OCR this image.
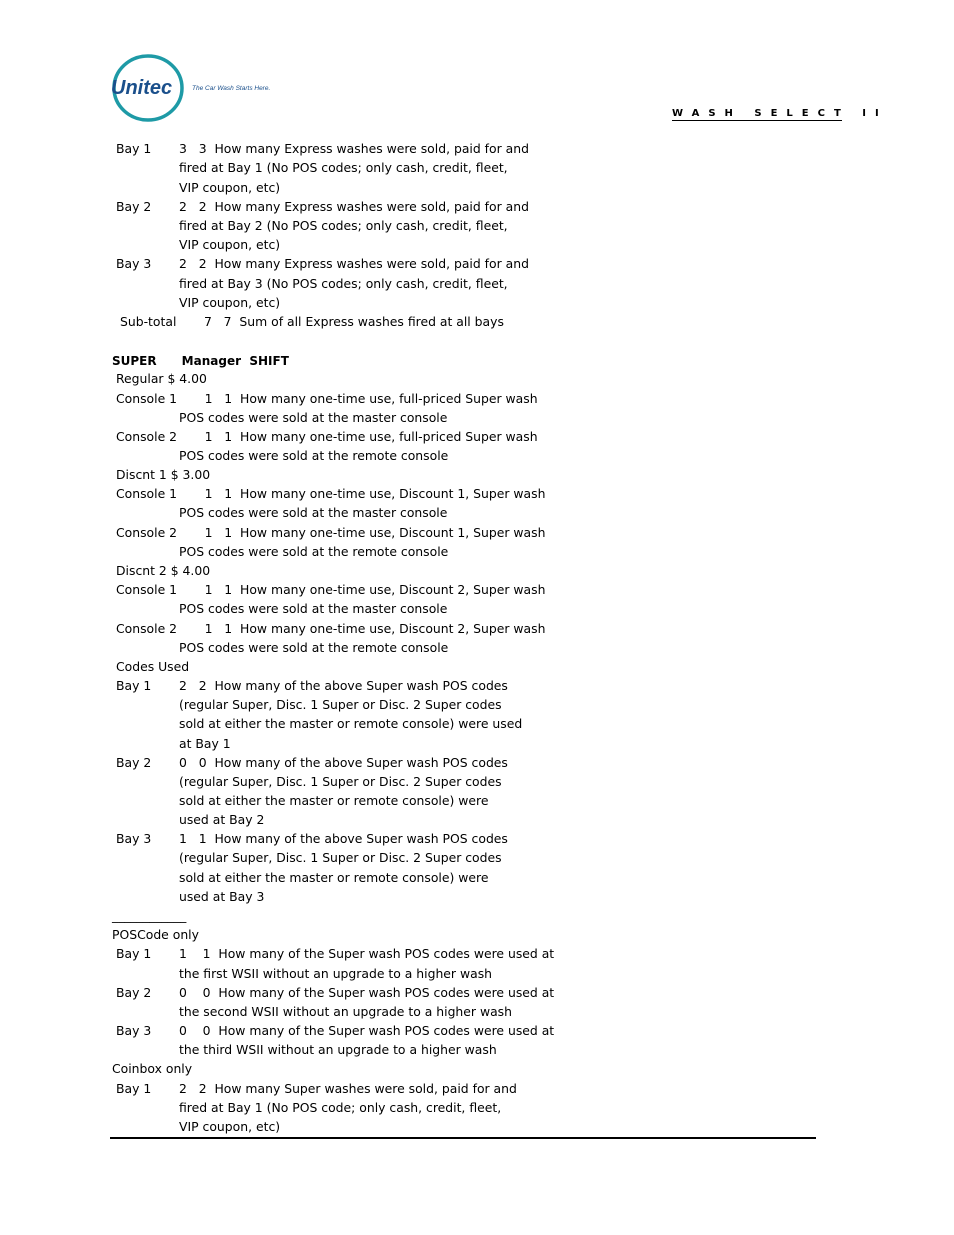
Unitec	The Car Wash Starts Here.
WASH SELECT II
Bay 1 3   3  How many Express washes were sold, paid for and
fired at Bay 1 (No POS codes; only cash, credit, fleet,
VIP coupon, etc)
Bay 2 2   2  How many Express washes were sold, paid for and
fired at Bay 2 (No POS codes; only cash, credit, fleet,
VIP coupon, etc)
Bay 3 2   2  How many Express washes were sold, paid for and
fired at Bay 3 (No POS codes; only cash, credit, fleet,
VIP coupon, etc)
Sub-total       7   7  Sum of all Express washes fired at all bays
SUPER      Manager  SHIFT
Regular $ 4.00
Console 1       1   1  How many one-time use, full-priced Super wash
POS codes were sold at the master console
Console 2       1   1  How many one-time use, full-priced Super wash
POS codes were sold at the remote console
Discnt 1 $ 3.00
Console 1       1   1  How many one-time use, Discount 1, Super wash
POS codes were sold at the master console
Console 2       1   1  How many one-time use, Discount 1, Super wash
POS codes were sold at the remote console
Discnt 2 $ 4.00
Console 1       1   1  How many one-time use, Discount 2, Super wash
POS codes were sold at the master console
Console 2       1   1  How many one-time use, Discount 2, Super wash
POS codes were sold at the remote console
Codes Used
Bay 1 2   2  How many of the above Super wash POS codes
(regular Super, Disc. 1 Super or Disc. 2 Super codes
sold at either the master or remote console) were used
at Bay 1
Bay 2 0   0  How many of the above Super wash POS codes
(regular Super, Disc. 1 Super or Disc. 2 Super codes
sold at either the master or remote console) were
used at Bay 2
Bay 3 1   1  How many of the above Super wash POS codes
(regular Super, Disc. 1 Super or Disc. 2 Super codes
sold at either the master or remote console) were
used at Bay 3
____________
POSCode only
Bay 1 1    1  How many of the Super wash POS codes were used at
the first WSII without an upgrade to a higher wash
Bay 2 0    0  How many of the Super wash POS codes were used at
the second WSII without an upgrade to a higher wash
Bay 3 0    0  How many of the Super wash POS codes were used at
the third WSII without an upgrade to a higher wash
Coinbox only
Bay 1 2   2  How many Super washes were sold, paid for and
fired at Bay 1 (No POS code; only cash, credit, fleet,
VIP coupon, etc)
